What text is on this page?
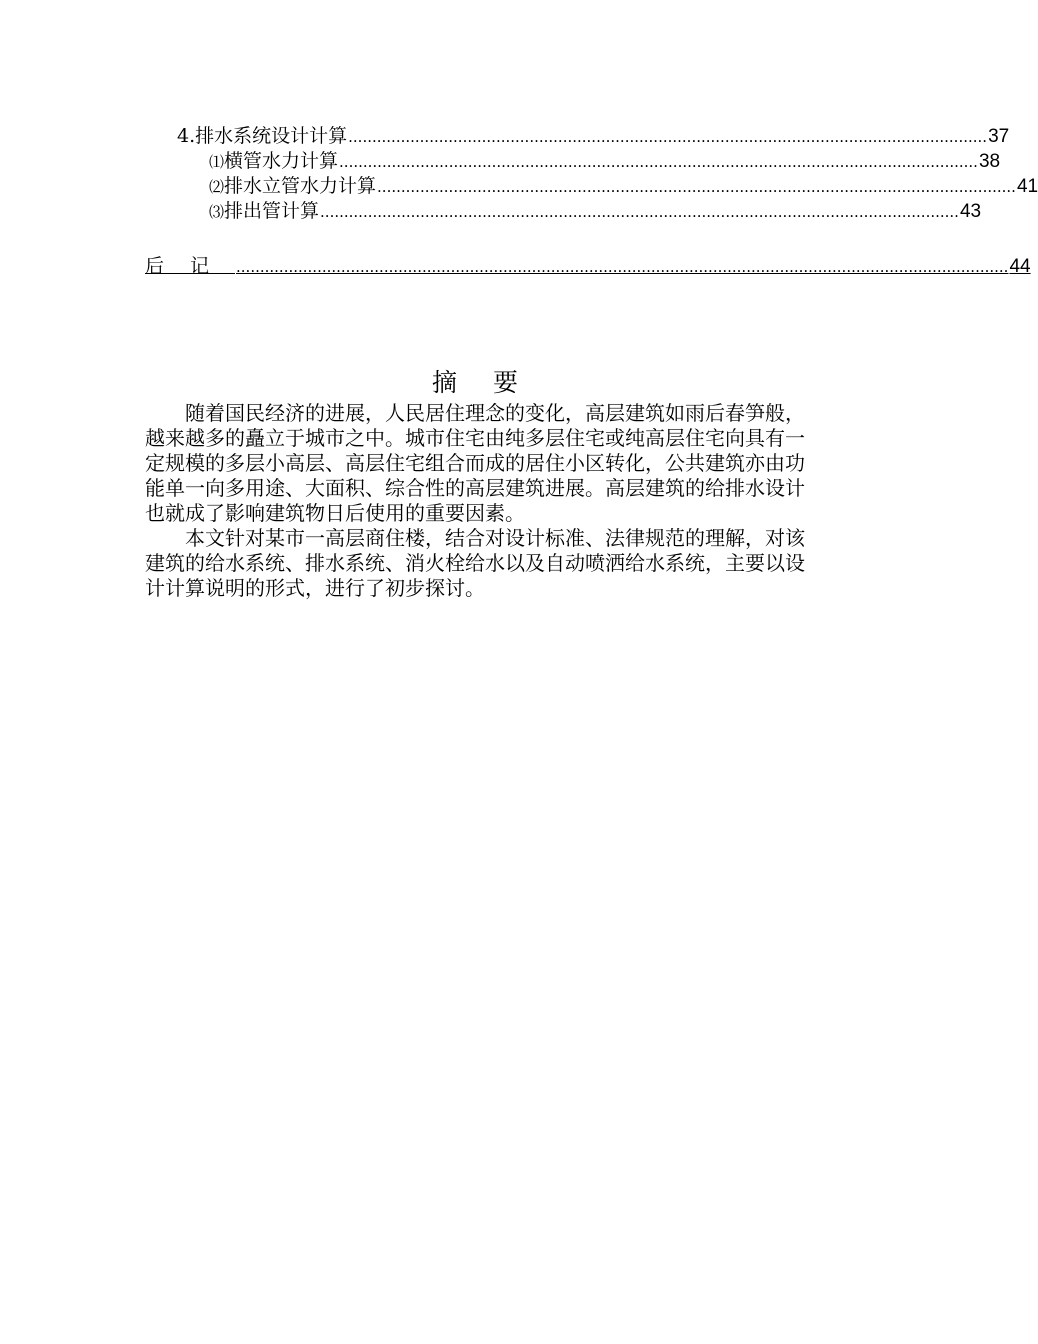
4.排水系统设计计算 ...................................................................................................................................... 37
⑴ 横管水力计算 ...................................................................................................................................... 38
⑵ 排水立管水力计算 ...................................................................................................................................... 41
⑶ 排出管计算 ...................................................................................................................................... 43
后记 .................................................................................................................................................................. 44
摘要

随着国民经济的进展，人民居住理念的变化，高层建筑如雨后春笋般，越来越多的矗立于城市之中。城市住宅由纯多层住宅或纯高层住宅向具有一定规模的多层小高层、高层住宅组合而成的居住小区转化，公共建筑亦由功能单一向多用途、大面积、综合性的高层建筑进展。高层建筑的给排水设计也就成了影响建筑物日后使用的重要因素。

本文针对某市一高层商住楼，结合对设计标准、法律规范的理解，对该建筑的给水系统、排水系统、消火栓给水以及自动喷洒给水系统，主要以设计计算说明的形式，进行了初步探讨。
